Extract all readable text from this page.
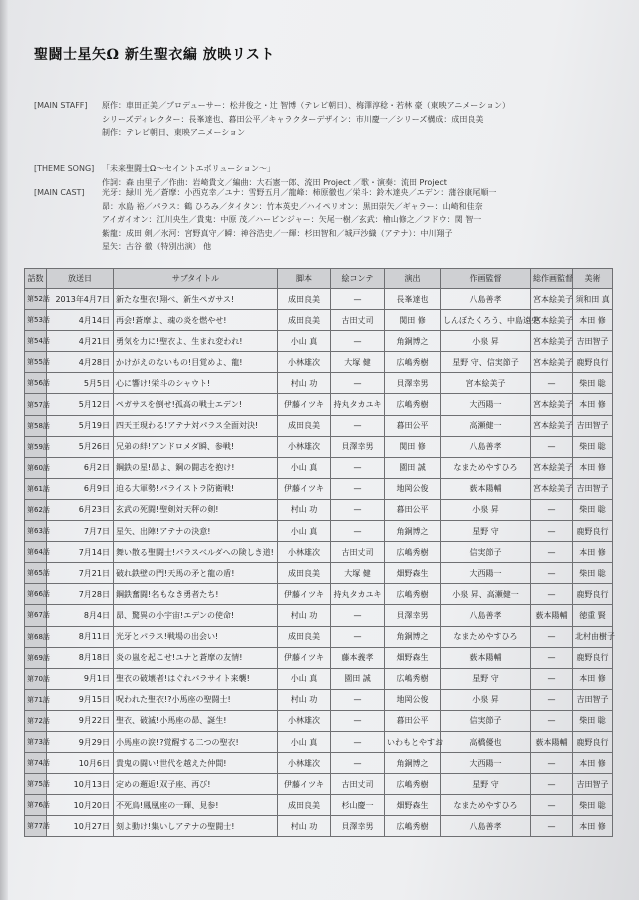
聖闘士星矢Ω 新生聖衣編 放映リスト
[MAIN STAFF]	原作：車田正美／プロデューサー：松井俊之・辻 智博（テレビ朝日）、梅澤淳稔・若林 豪（東映アニメーション）
シリーズディレクター：長峯達也、暮田公平／キャラクターデザイン：市川慶一／シリーズ構成：成田良美
制作：テレビ朝日、東映アニメーション
[THEME SONG] 「未来聖闘士Ω～セイントエボリューション～」
作詞：森 由里子／作曲：岩崎貴文／編曲：大石憲一郎、流田 Project ／歌・演奏：流田 Project
[MAIN CAST]	光牙：緑川 光／蒼摩：小西克幸／ユナ：雪野五月／龍峰：柿原徹也／栄斗：鈴木達央／エデン：蒲谷康尾順一
昴：水島 裕／パラス：鶴 ひろみ／タイタン：竹本英史／ハイペリオン：黒田崇矢／ギャラー：山崎和佳奈
アイガイオン：江川央生／貴鬼：中原 茂／ハービンジャー：矢尾一樹／玄武：檜山修之／フドウ：関 智一
紫龍：成田 剣／氷河：宮野真守／瞬：神谷浩史／一輝：杉田智和／城戸沙織（アテナ）：中川翔子
星矢：古谷 徹（特別出演） 他
話数	放送日	サブタイトル	脚本	絵コンテ	演出	作画監督	総作画監督	美術
第52話	2013年4月7日	新たな聖衣!翔べ、新生ペガサス!	成田良美	—	長峯達也	八島善孝	宮本絵美子	須和田 真
第53話	4月14日	再会!蒼摩よ、魂の炎を燃やせ!	成田良美	古田丈司	関田 修	しんぼたくろう、中島遠央	宮本絵美子	本田 修
第54話	4月21日	勇気を力に!聖衣よ、生まれ変われ!	小山 真	—	角銅博之	小泉 昇	宮本絵美子	吉田智子
第55話	4月28日	かけがえのないもの!目覚めよ、龍!	小林雄次	大塚 健	広嶋秀樹	星野 守、信実節子	宮本絵美子	鹿野良行
第56話	5月5日	心に響け!栄斗のシャウト!	村山 功	—	貝澤幸男	宮本絵美子	—	柴田 聡
第57話	5月12日	ペガサスを倒せ!孤高の戦士エデン!	伊藤イツキ	持丸タカユキ	広嶋秀樹	大西陽一	宮本絵美子	本田 修
第58話	5月19日	四天王現わる!アテナ対パラス全面対決!	成田良美	—	暮田公平	高瀬健一	宮本絵美子	吉田智子
第59話	5月26日	兄弟の絆!アンドロメダ瞬、参戦!	小林雄次	貝澤幸男	関田 修	八島善孝	—	柴田 聡
第60話	6月2日	鋼鉄の星!昴よ、鋼の闘志を抱け!	小山 真	—	園田 誠	なまためやすひろ	宮本絵美子	本田 修
第61話	6月9日	迫る大軍勢!パライストラ防衛戦!	伊藤イツキ	—	地岡公俊	薮本陽輔	宮本絵美子	吉田智子
第62話	6月23日	玄武の死闘!聖剣対天秤の剣!	村山 功	—	暮田公平	小泉 昇	—	柴田 聡
第63話	7月7日	星矢、出陣!アテナの決意!	小山 真	—	角銅博之	星野 守	—	鹿野良行
第64話	7月14日	舞い散る聖闘士!パラスベルダへの険しき道!	小林雄次	古田丈司	広嶋秀樹	信実節子	—	本田 修
第65話	7月21日	破れ鉄壁の門!天馬の矛と龍の盾!	成田良美	大塚 健	畑野森生	大西陽一	—	柴田 聡
第66話	7月28日	鋼鉄奮闘!名もなき勇者たち!	伊藤イツキ	持丸タカユキ	広嶋秀樹	小泉 昇、高瀬健一	—	鹿野良行
第67話	8月4日	昴、驚異の小宇宙!エデンの使命!	村山 功	—	貝澤幸男	八島善孝	薮本陽輔	徳重 賢
第68話	8月11日	光牙とパラス!戦場の出会い!	成田良美	—	角銅博之	なまためやすひろ	—	北村由樹子
第69話	8月18日	炎の嵐を起こせ!ユナと蒼摩の友情!	伊藤イツキ	藤本義孝	畑野森生	薮本陽輔	—	鹿野良行
第70話	9月1日	聖衣の破壊者!はぐれパラサイト来襲!	小山 真	園田 誠	広嶋秀樹	星野 守	—	本田 修
第71話	9月15日	呪われた聖衣!?小馬座の聖闘士!	村山 功	—	地岡公俊	小泉 昇	—	吉田智子
第72話	9月22日	聖衣、破滅!小馬座の昴、誕生!	小林雄次	—	暮田公平	信実節子	—	柴田 聡
第73話	9月29日	小馬座の涙!?覚醒する二つの聖衣!	小山 真	—	いわもとやすお	高橋優也	薮本陽輔	鹿野良行
第74話	10月6日	貴鬼の闘い!世代を越えた仲間!	小林雄次	—	角銅博之	大西陽一	—	本田 修
第75話	10月13日	定めの邂逅!双子座、再び!	伊藤イツキ	古田丈司	広嶋秀樹	星野 守	—	吉田智子
第76話	10月20日	不死鳥!鳳凰座の一輝、見参!	成田良美	杉山慶一	畑野森生	なまためやすひろ	—	柴田 聡
第77話	10月27日	刻よ動け!集いしアテナの聖闘士!	村山 功	貝澤幸男	広嶋秀樹	八島善孝	—	本田 修
